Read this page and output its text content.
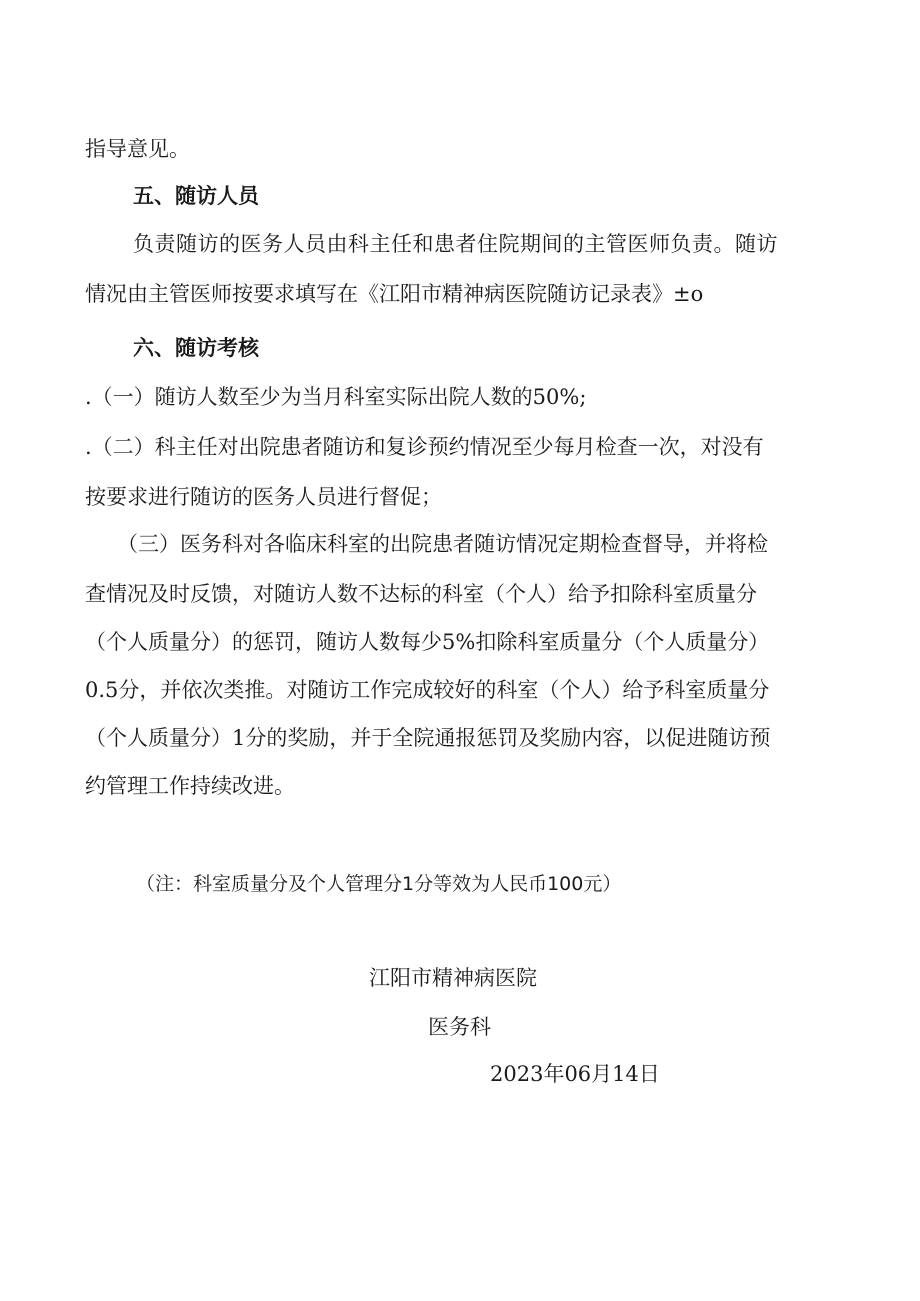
指导意见。

五、随访人员

负责随访的医务人员由科主任和患者住院期间的主管医师负责。随访

情况由主管医师按要求填写在《江阳市精神病医院随访记录表》±o

六、随访考核

.（一）随访人数至少为当月科室实际出院人数的50%;

.（二）科主任对出院患者随访和复诊预约情况至少每月检查一次，对没有

按要求进行随访的医务人员进行督促；

（三）医务科对各临床科室的出院患者随访情况定期检查督导，并将检

查情况及时反馈，对随访人数不达标的科室（个人）给予扣除科室质量分

（个人质量分）的惩罚，随访人数每少5%扣除科室质量分（个人质量分）

0.5分，并依次类推。对随访工作完成较好的科室（个人）给予科室质量分

（个人质量分）1分的奖励，并于全院通报惩罚及奖励内容，以促进随访预

约管理工作持续改进。

（注：科室质量分及个人管理分1分等效为人民币100元）

江阳市精神病医院

医务科

2023年06月14日
